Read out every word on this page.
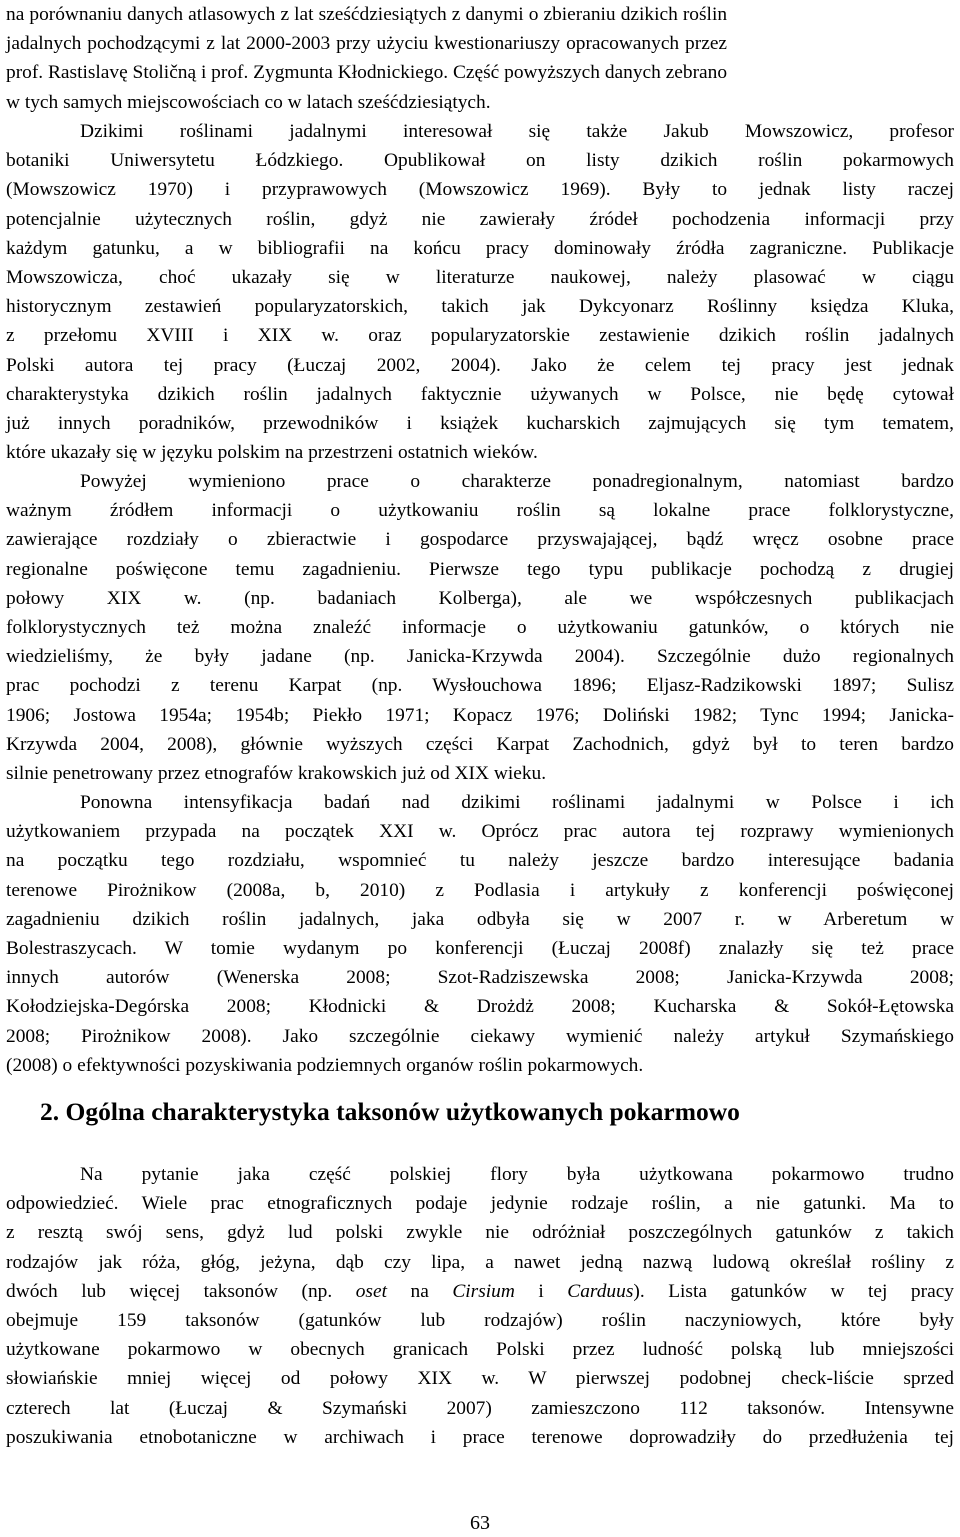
na porównaniu danych atlasowych z lat sześćdziesiątych z danymi o zbieraniu dzikich roślin
jadalnych pochodzącymi z lat 2000-2003 przy użyciu kwestionariuszy opracowanych przez
prof. Rastislavę Stoličną i prof. Zygmunta Kłodnickiego. Część powyższych danych zebrano
w tych samych miejscowościach co w latach sześćdziesiątych.

Dzikimi roślinami jadalnymi interesował się także Jakub Mowszowicz, profesor
botaniki Uniwersytetu Łódzkiego. Opublikował on listy dzikich roślin pokarmowych
(Mowszowicz 1970) i przyprawowych (Mowszowicz 1969). Były to jednak listy raczej
potencjalnie użytecznych roślin, gdyż nie zawierały źródeł pochodzenia informacji przy
każdym gatunku, a w bibliografii na końcu pracy dominowały źródła zagraniczne. Publikacje
Mowszowicza, choć ukazały się w literaturze naukowej, należy plasować w ciągu
historycznym zestawień popularyzatorskich, takich jak Dykcyonarz Roślinny księdza Kluka,
z przełomu XVIII i XIX w. oraz popularyzatorskie zestawienie dzikich roślin jadalnych
Polski autora tej pracy (Łuczaj 2002, 2004). Jako że celem tej pracy jest jednak
charakterystyka dzikich roślin jadalnych faktycznie używanych w Polsce, nie będę cytował
już innych poradników, przewodników i książek kucharskich zajmujących się tym tematem,
które ukazały się w języku polskim na przestrzeni ostatnich wieków.

Powyżej wymieniono prace o charakterze ponadregionalnym, natomiast bardzo
ważnym źródłem informacji o użytkowaniu roślin są lokalne prace folklorystyczne,
zawierające rozdziały o zbieractwie i gospodarce przyswajającej, bądź wręcz osobne prace
regionalne poświęcone temu zagadnieniu. Pierwsze tego typu publikacje pochodzą z drugiej
połowy XIX w. (np. badaniach Kolberga), ale we współczesnych publikacjach
folklorystycznych też można znaleźć informacje o użytkowaniu gatunków, o których nie
wiedzieliśmy, że były jadane (np. Janicka-Krzywda 2004). Szczególnie dużo regionalnych
prac pochodzi z terenu Karpat (np. Wysłouchowa 1896; Eljasz-Radzikowski 1897; Sulisz
1906; Jostowa 1954a; 1954b; Piekło 1971; Kopacz 1976; Doliński 1982; Tync 1994; Janicka-
Krzywda 2004, 2008), głównie wyższych części Karpat Zachodnich, gdyż był to teren bardzo
silnie penetrowany przez etnografów krakowskich już od XIX wieku.

Ponowna intensyfikacja badań nad dzikimi roślinami jadalnymi w Polsce i ich
użytkowaniem przypada na początek XXI w. Oprócz prac autora tej rozprawy wymienionych
na początku tego rozdziału, wspomnieć tu należy jeszcze bardzo interesujące badania
terenowe Pirożnikow (2008a, b, 2010) z Podlasia i artykuły z konferencji poświęconej
zagadnieniu dzikich roślin jadalnych, jaka odbyła się w 2007 r. w Arberetum w
Bolestraszycach. W tomie wydanym po konferencji (Łuczaj 2008f) znalazły się też prace
innych autorów (Wenerska 2008; Szot-Radziszewska 2008; Janicka-Krzywda 2008;
Kołodziejska-Degórska 2008; Kłodnicki & Drożdż 2008; Kucharska & Sokół-Łętowska
2008; Pirożnikow 2008). Jako szczególnie ciekawy wymienić należy artykuł Szymańskiego
(2008) o efektywności pozyskiwania podziemnych organów roślin pokarmowych.

2. Ogólna charakterystyka taksonów użytkowanych pokarmowo

Na pytanie jaka część polskiej flory była użytkowana pokarmowo trudno
odpowiedzieć. Wiele prac etnograficznych podaje jedynie rodzaje roślin, a nie gatunki. Ma to
z resztą swój sens, gdyż lud polski zwykle nie odróżniał poszczególnych gatunków z takich
rodzajów jak róża, głóg, jeżyna, dąb czy lipa, a nawet jedną nazwą ludową określał rośliny z
dwóch lub więcej taksonów (np. oset na Cirsium i Carduus). Lista gatunków w tej pracy
obejmuje 159 taksonów (gatunków lub rodzajów) roślin naczyniowych, które były
użytkowane pokarmowo w obecnych granicach Polski przez ludność polską lub mniejszości
słowiańskie mniej więcej od połowy XIX w. W pierwszej podobnej check-liście sprzed
czterech lat (Łuczaj & Szymański 2007) zamieszczono 112 taksonów. Intensywne
poszukiwania etnobotaniczne w archiwach i prace terenowe doprowadziły do przedłużenia tej

63
